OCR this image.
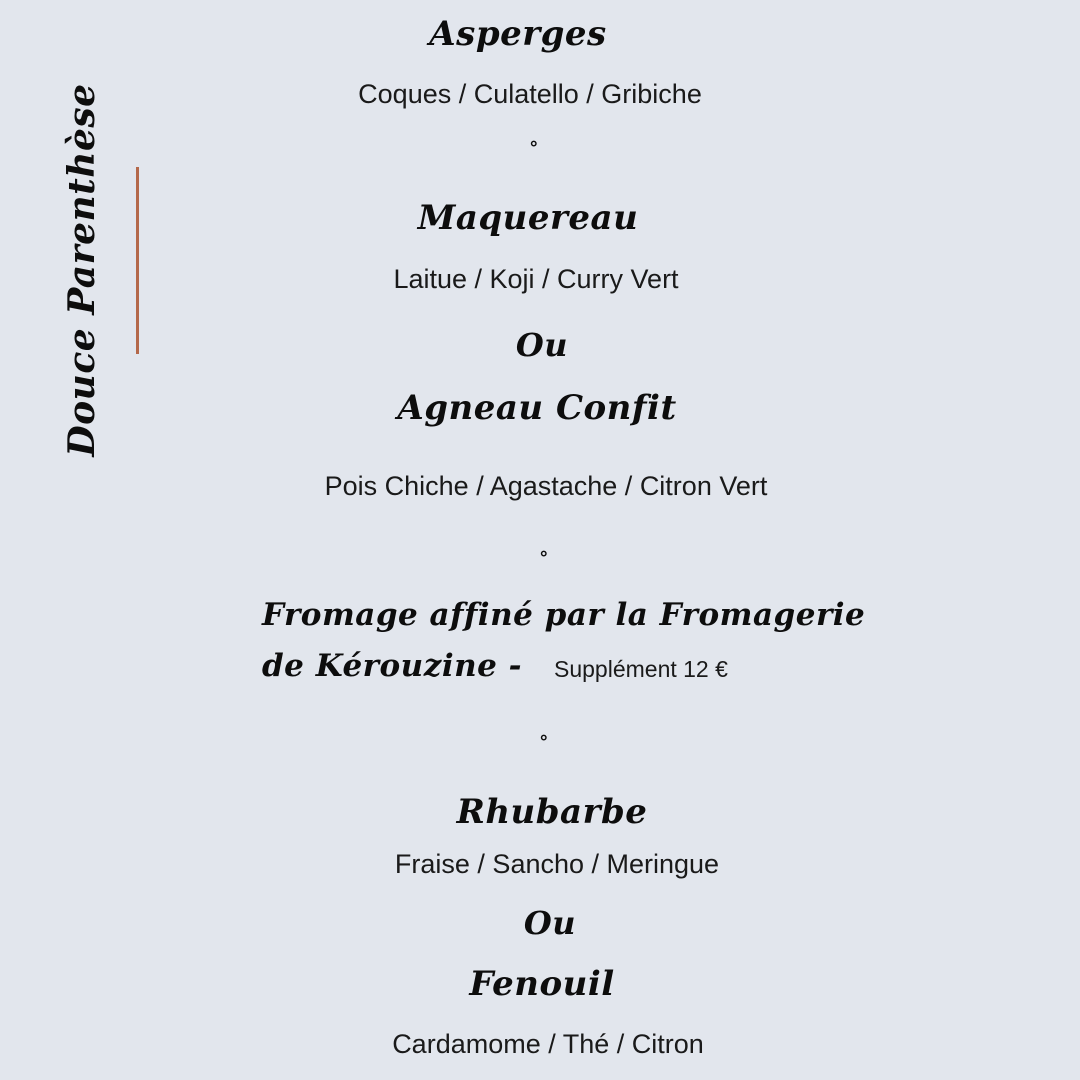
Douce Parenthèse
Asperges
Coques / Culatello / Gribiche
°
Maquereau
Laitue / Koji / Curry Vert
Ou
Agneau Confit
Pois Chiche / Agastache / Citron Vert
°
Fromage affiné par la Fromagerie
de Kérouzine - Supplément 12 €
°
Rhubarbe
Fraise / Sancho / Meringue
Ou
Fenouil
Cardamome / Thé / Citron
